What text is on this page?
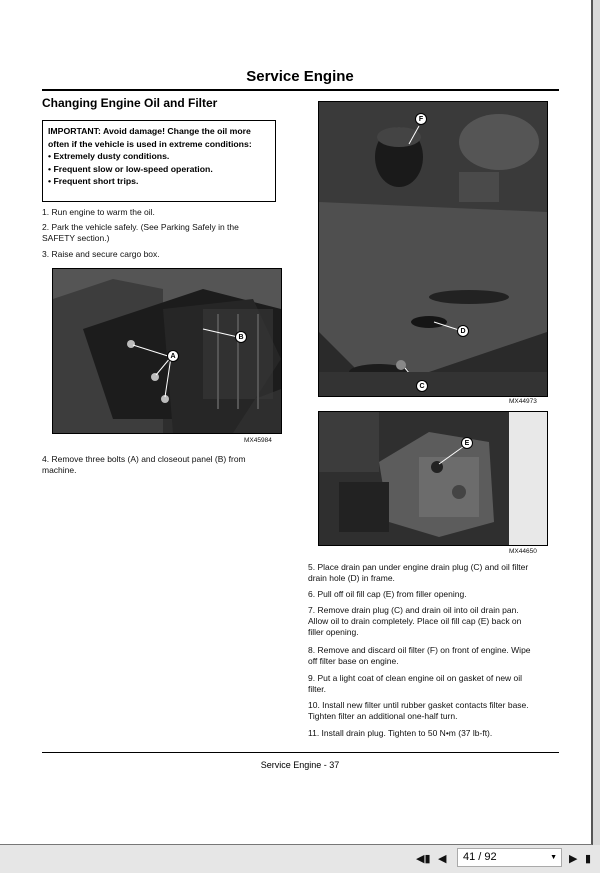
Service Engine
Changing Engine Oil and Filter
IMPORTANT: Avoid damage! Change the oil more
often if the vehicle is used in extreme conditions:
• Extremely dusty conditions.
• Frequent slow or low-speed operation.
• Frequent short trips.
1. Run engine to warm the oil.
2. Park the vehicle safely. (See Parking Safely in the
SAFETY section.)
3. Raise and secure cargo box.
A
B
MX45984
4. Remove three bolts (A) and closeout panel (B) from
machine.
F
D
C
MX44973
E
MX44650
5. Place drain pan under engine drain plug (C) and oil filter
drain hole (D) in frame.
6. Pull off oil fill cap (E) from filler opening.
7. Remove drain plug (C) and drain oil into oil drain pan.
Allow oil to drain completely. Place oil fill cap (E) back on
filler opening.
8. Remove and discard oil filter (F) on front of engine. Wipe
off filter base on engine.
9. Put a light coat of clean engine oil on gasket of new oil
filter.
10. Install new filter until rubber gasket contacts filter base.
Tighten filter an additional one-half turn.
11. Install drain plug. Tighten to 50 N•m (37 lb-ft).
Service Engine - 37
◀▮ ◀	41 / 92	▼ ▶ ▮
